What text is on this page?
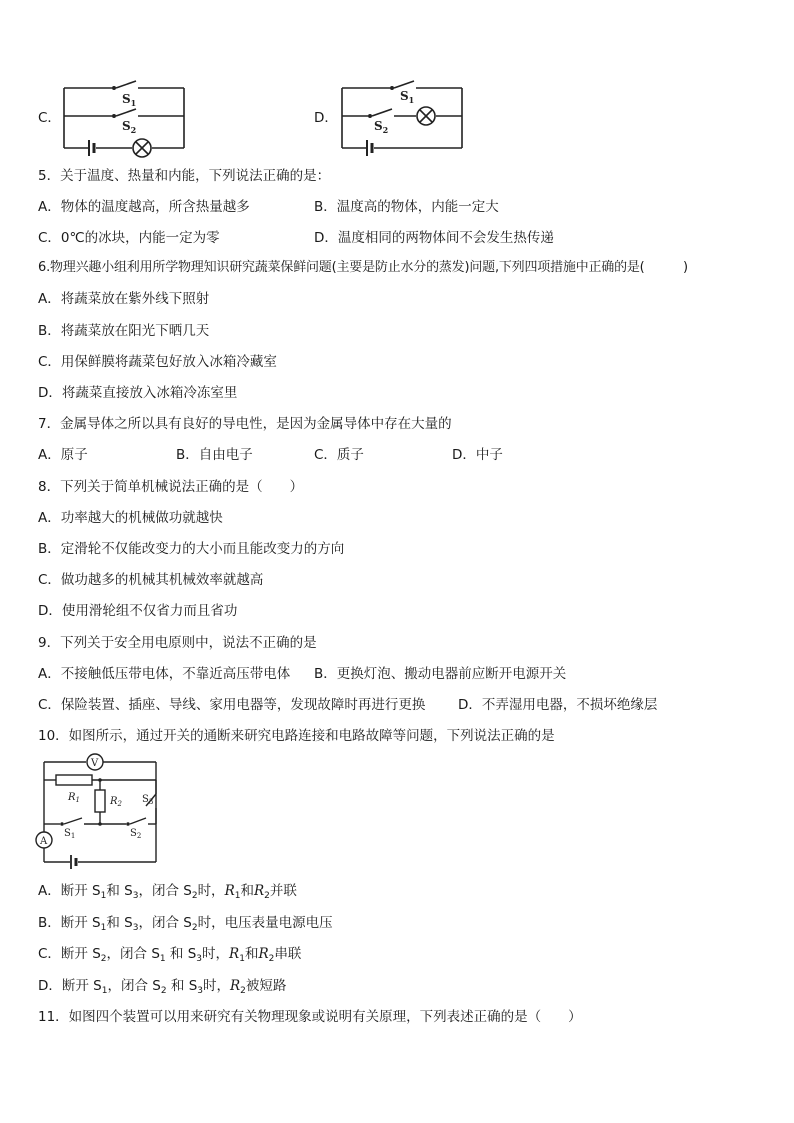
C．
$S_1$
$S_2$
D．
$S_1$
$S_2$
5．关于温度、热量和内能，下列说法正确的是：
A．物体的温度越高，所含热量越多	B．温度高的物体，内能一定大
C．0℃的冰块，内能一定为零	D．温度相同的两物体间不会发生热传递
6.物理兴趣小组利用所学物理知识研究蔬菜保鲜问题(主要是防止水分的蒸发)问题,下列四项措施中正确的是(　　　)
A．将蔬菜放在紫外线下照射
B．将蔬菜放在阳光下晒几天
C．用保鲜膜将蔬菜包好放入冰箱冷藏室
D．将蔬菜直接放入冰箱冷冻室里
7．金属导体之所以具有良好的导电性，是因为金属导体中存在大量的
A．原子	B．自由电子	C．质子	D．中子
8．下列关于简单机械说法正确的是（　　）
A．功率越大的机械做功就越快
B．定滑轮不仅能改变力的大小而且能改变力的方向
C．做功越多的机械其机械效率就越高
D．使用滑轮组不仅省力而且省功
9．下列关于安全用电原则中，说法不正确的是
A．不接触低压带电体，不靠近高压带电体 B．更换灯泡、搬动电器前应断开电源开关
C．保险装置、插座、导线、家用电器等，发现故障时再进行更换 D．不弄湿用电器，不损坏绝缘层
10．如图所示，通过开关的通断来研究电路连接和电路故障等问题，下列说法正确的是
V
A
$R_1$	$R_2$ $S_3$
$S_1$	$S_2$
A．断开 $S_1$和 $S_3$，闭合 $S_2$时，$R_1$和$R_2$并联
B．断开 $S_1$和 $S_3$，闭合 $S_2$时，电压表量电源电压
C．断开 $S_2$，闭合 $S_1$ 和 $S_3$时，$R_1$和$R_2$串联
D．断开 $S_1$，闭合 $S_2$ 和 $S_3$时，$R_2$被短路
11．如图四个装置可以用来研究有关物理现象或说明有关原理，下列表述正确的是（　　）
